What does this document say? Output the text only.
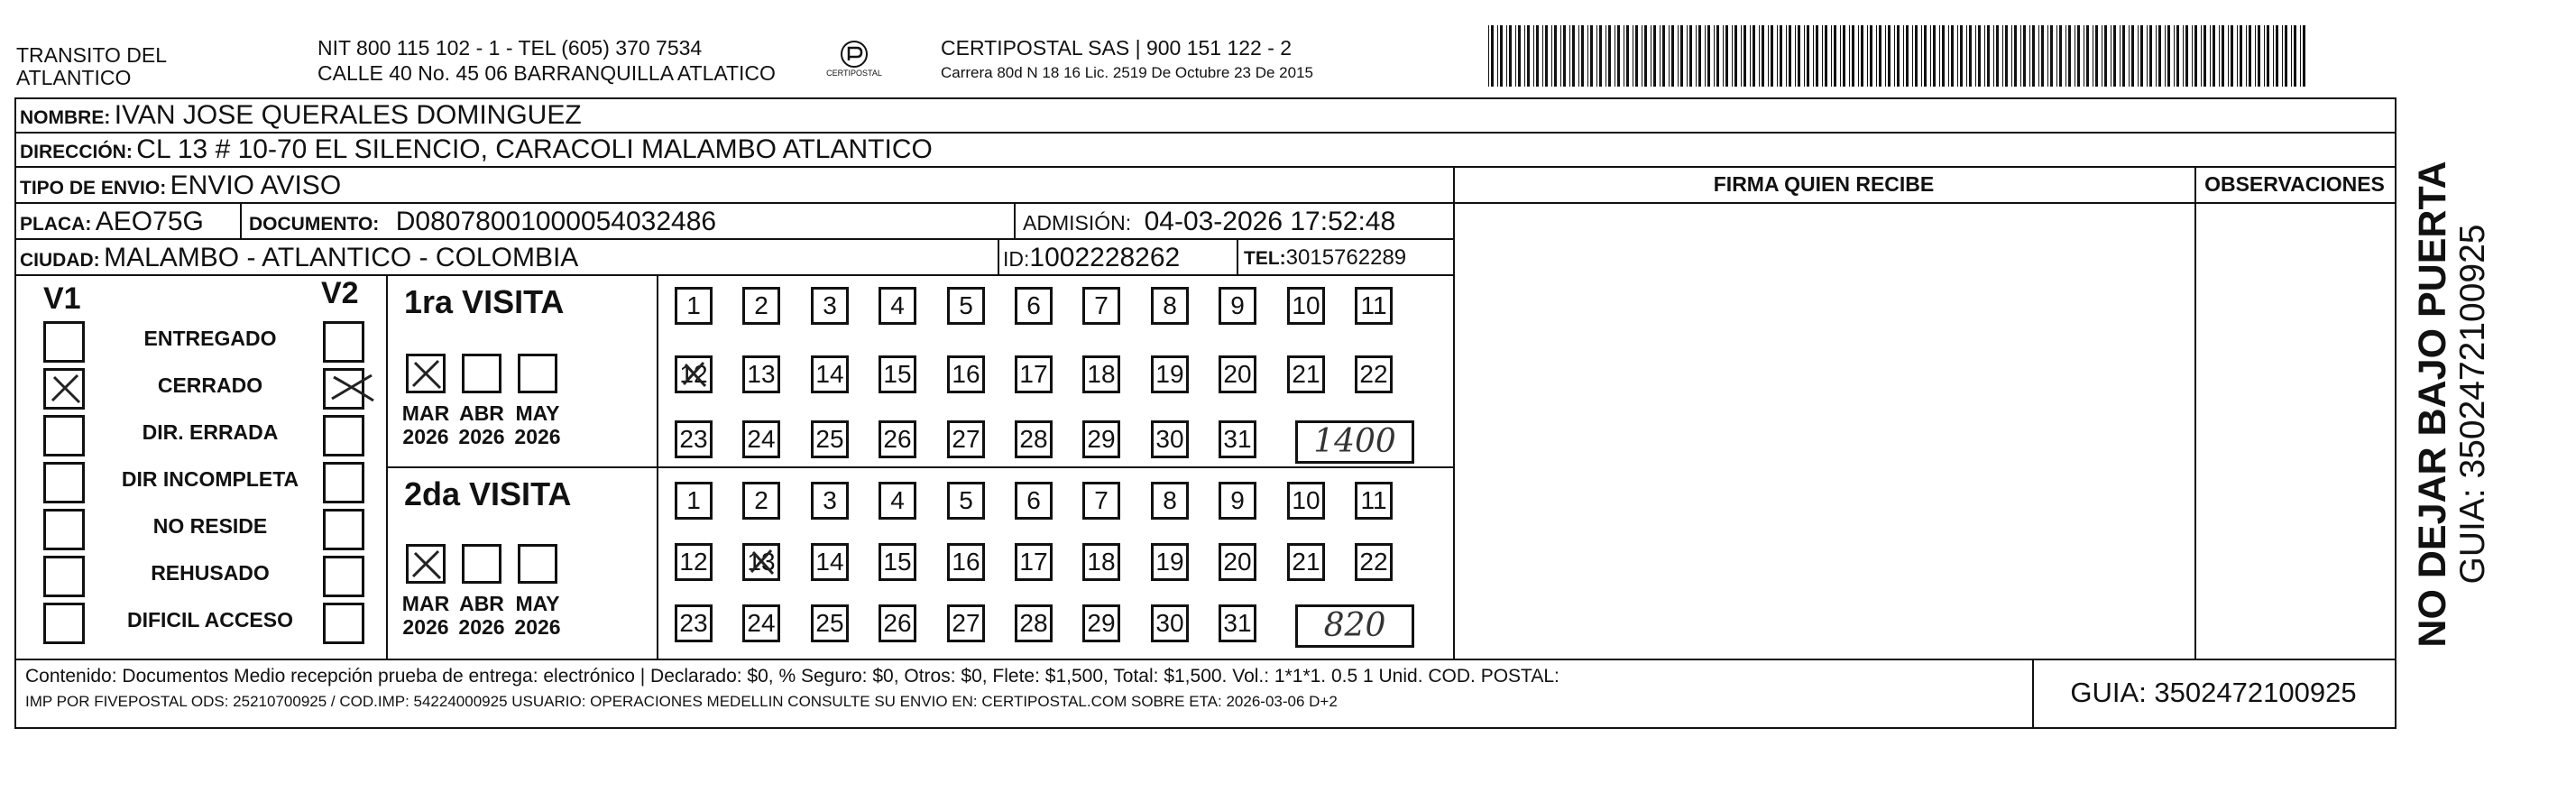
TRANSITO DEL
ATLANTICO
NIT 800 115 102 - 1 - TEL (605) 370 7534
CALLE 40 No. 45 06 BARRANQUILLA ATLATICO	CERTIPOSTAL
CERTIPOSTAL SAS | 900 151 122 - 2
Carrera 80d N 18 16 Lic. 2519 De Octubre 23 De 2015
NOMBRE: IVAN JOSE QUERALES DOMINGUEZ
DIRECCIÓN: CL 13 # 10-70 EL SILENCIO, CARACOLI MALAMBO ATLANTICO
TIPO DE ENVIO: ENVIO AVISO	FIRMA QUIEN RECIBE	OBSERVACIONES
PLACA: AEO75G DOCUMENTO: D08078001000054032486	ADMISIÓN: 04-03-2026 17:52:48
CIUDAD: MALAMBO - ATLANTICO - COLOMBIA	ID:1002228262	TEL:3015762289
V1	V2 1ra VISITA
2da VISITA
Contenido: Documentos Medio recepción prueba de entrega: electrónico | Declarado: $0, % Seguro: $0, Otros: $0, Flete: $1,500, Total: $1,500. Vol.: 1*1*1. 0.5 1 Unid. COD. POSTAL:
IMP POR FIVEPOSTAL ODS: 25210700925 / COD.IMP: 54224000925 USUARIO: OPERACIONES MEDELLIN CONSULTE SU ENVIO EN: CERTIPOSTAL.COM SOBRE ETA: 2026-03-06 D+2	GUIA: 3502472100925
NO DEJAR BAJO PUERTA GUIA: 3502472100925
ENTREGADO
CERRADO
DIR. ERRADA
DIR INCOMPLETA
NO RESIDE
REHUSADO
DIFICIL ACCESO
MAR
2026
ABR
2026
MAY
2026
MAR
2026
ABR
2026
MAY
2026
1	2	3	4	5	6	7	8	9	10 11
12 13 14 15 16 17 18 19 20 21 22
23 24 25 26 27 28 29 30 31	1400
1	2	3	4	5	6	7	8	9	10 11
12 13 14 15 16 17 18 19 20 21 22
23 24 25 26 27 28 29 30 31	820
